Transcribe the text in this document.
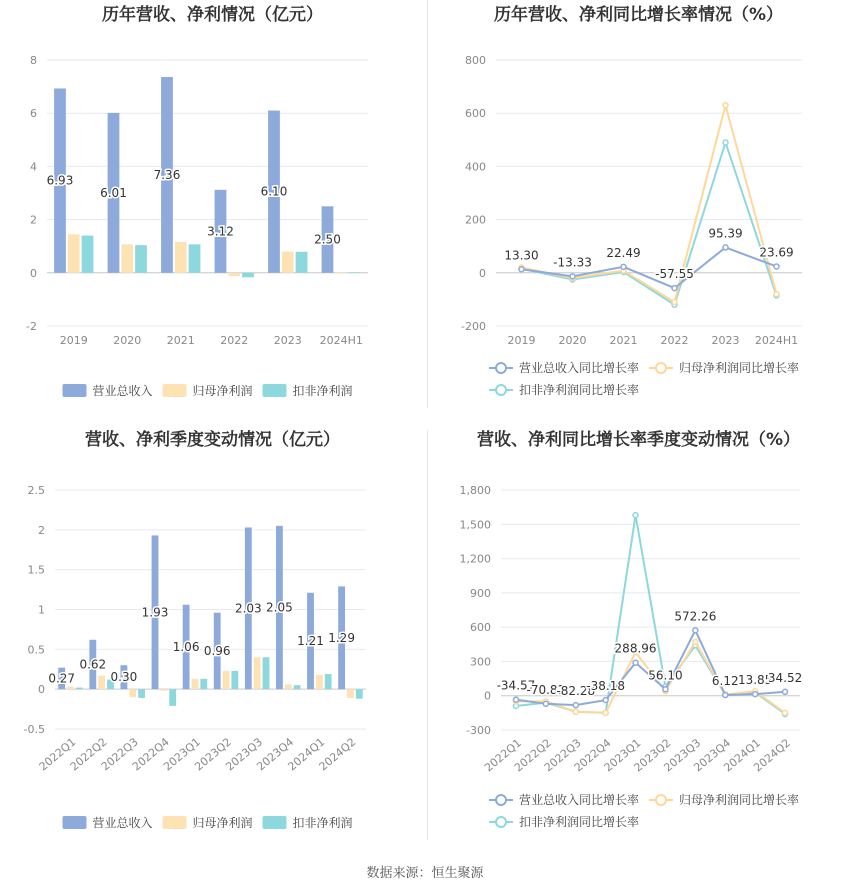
历年营收、净利情况（亿元）
-2
0
2
4
6
8
2019 2020 2021 2022 2023 2024H1
6.93
6.01
7.36
3.12
6.10
2.50
营业总收入	归母净利润	扣非净利润
历年营收、净利同比增长率情况（%）
-200
0
200
400
600
800
2019 2020 2021 2022 2023 2024H1
13.30
-13.33
22.49
-57.55
95.39
23.69
营业总收入同比增长率	归母净利润同比增长率
扣非净利润同比增长率
营收、净利季度变动情况（亿元）
-0.5
0
0.5
1
1.5
2
2.5
2022Q1
2022Q2
2022Q3
2022Q4
2023Q1
2023Q2
2023Q3
2023Q4
2024Q1
2024Q2
0.27
0.62
0.30
1.93
1.06 0.96
2.03 2.05
1.21 1.29
营业总收入	归母净利润	扣非净利润
营收、净利同比增长率季度变动情况（%）
-300
0
300
600
900
1,200
1,500
1,800
2022Q1
2022Q2
2022Q3
2022Q4
2023Q1
2023Q2
2023Q3
2023Q4
2024Q1
2024Q2
-34.57
-70.81
-82.28
-38.18
288.96
56.10
572.26
6.12 13.85
34.52
营业总收入同比增长率	归母净利润同比增长率
扣非净利润同比增长率
数据来源：恒生聚源
